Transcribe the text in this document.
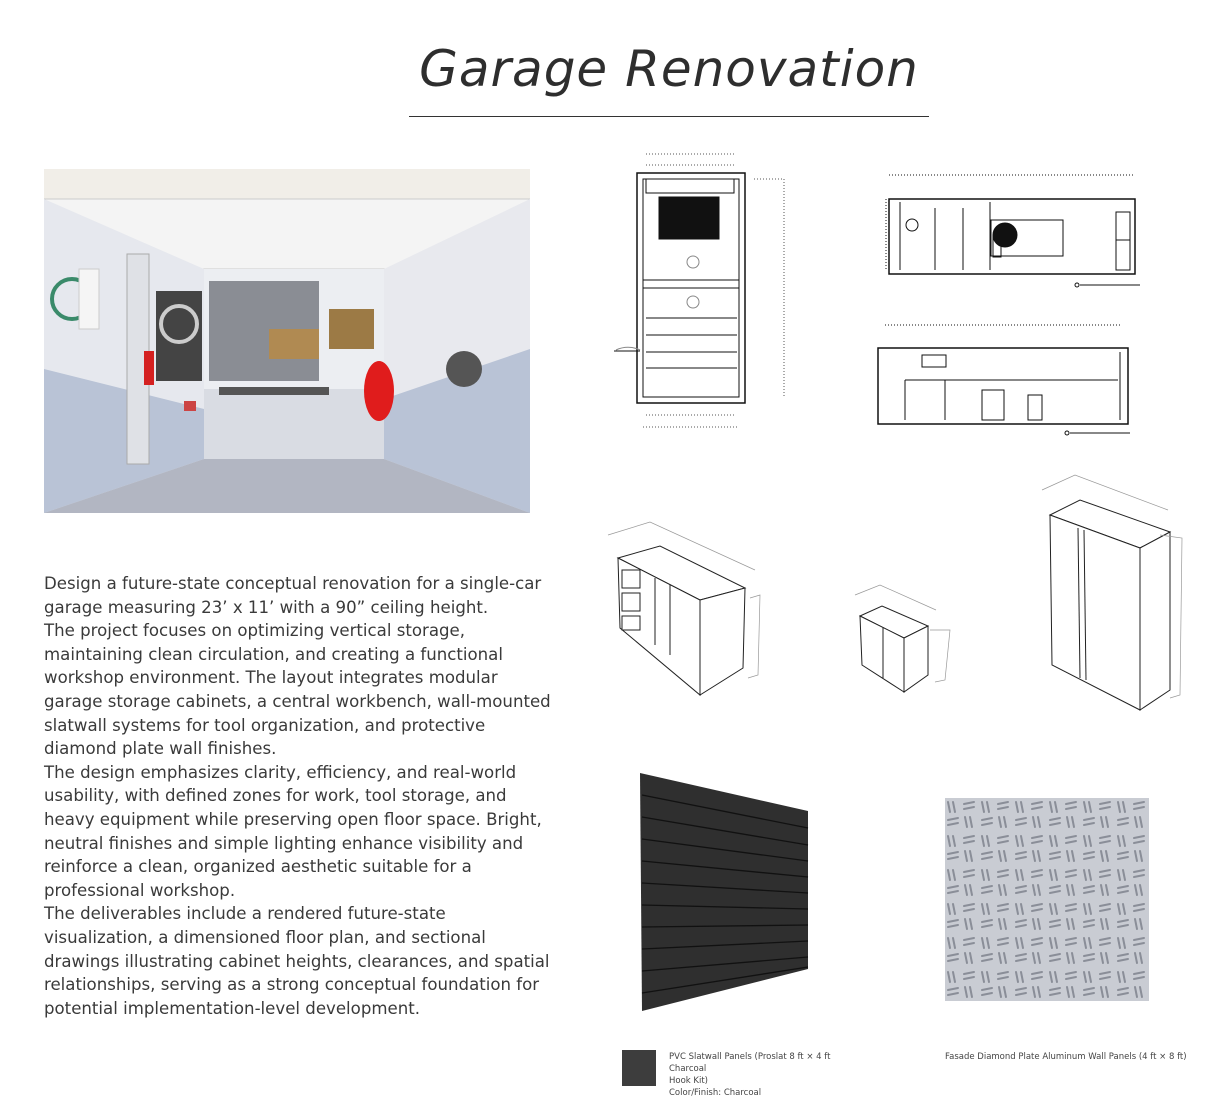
Garage Renovation

Design a future-state conceptual renovation for a single-car garage measuring 23’ x 11’ with a 90” ceiling height.

The project focuses on optimizing vertical storage, maintaining clean circulation, and creating a functional workshop environment. The layout integrates modular garage storage cabinets, a central workbench, wall-mounted slatwall systems for tool organization, and protective diamond plate wall finishes.

The design emphasizes clarity, efficiency, and real-world usability, with defined zones for work, tool storage, and heavy equipment while preserving open floor space. Bright, neutral finishes and simple lighting enhance visibility and reinforce a clean, organized aesthetic suitable for a professional workshop.

The deliverables include a rendered future-state visualization, a dimensioned floor plan, and sectional drawings illustrating cabinet heights, clearances, and spatial relationships, serving as a strong conceptual foundation for potential implementation-level development.

PVC Slatwall Panels (Proslat 8 ft × 4 ft Charcoal
Hook Kit)
Color/Finish: Charcoal
Fasade Diamond Plate Aluminum Wall Panels (4 ft × 8 ft)
